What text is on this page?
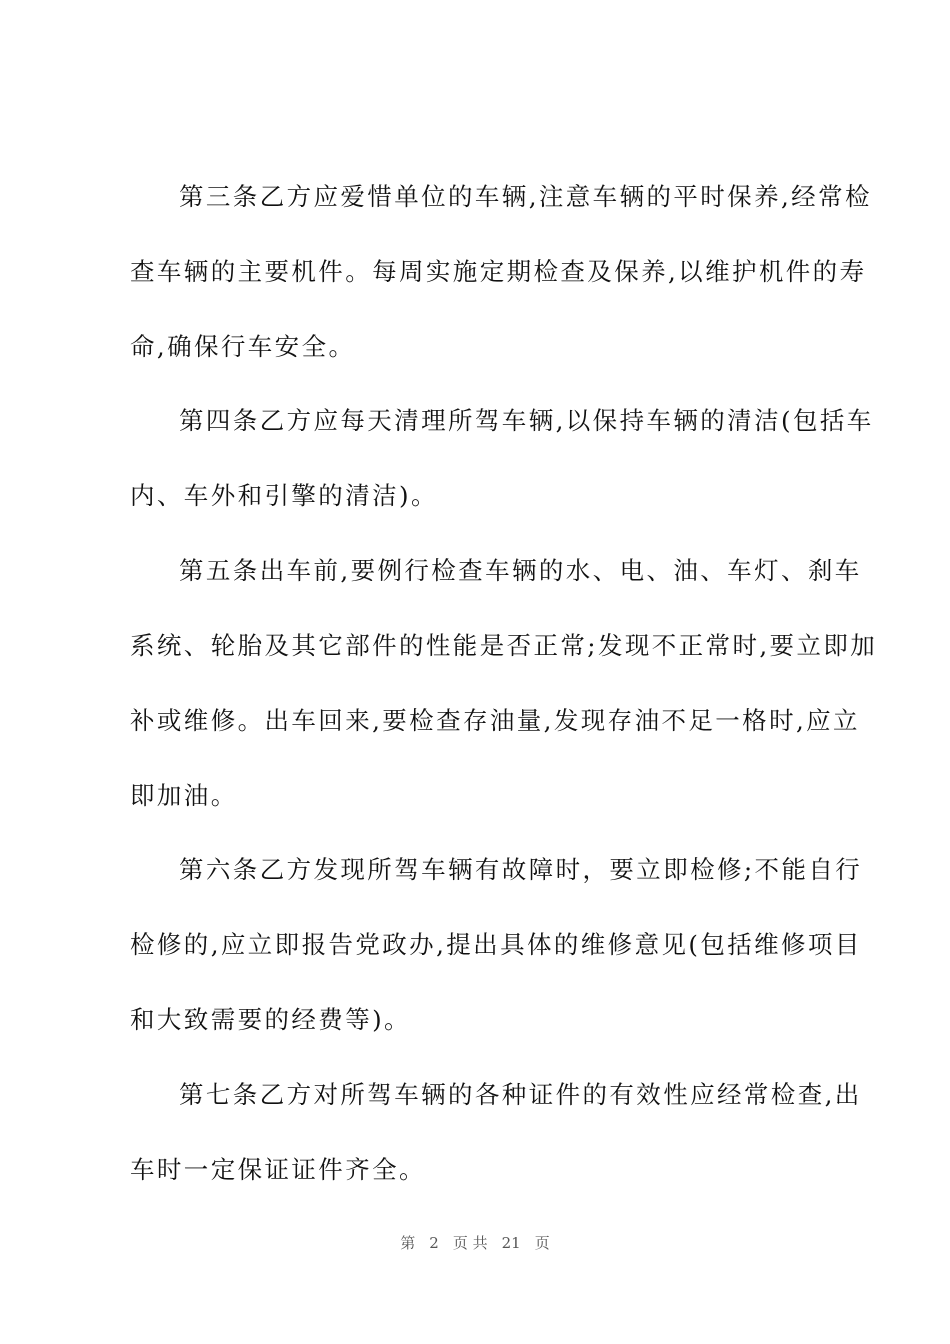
第三条乙方应爱惜单位的车辆,注意车辆的平时保养,经常检
查车辆的主要机件。每周实施定期检查及保养,以维护机件的寿
命,确保行车安全。
第四条乙方应每天清理所驾车辆,以保持车辆的清洁(包括车
内、车外和引擎的清洁)。
第五条出车前,要例行检查车辆的水、电、油、车灯、刹车
系统、轮胎及其它部件的性能是否正常;发现不正常时,要立即加
补或维修。出车回来,要检查存油量,发现存油不足一格时,应立
即加油。
第六条乙方发现所驾车辆有故障时，要立即检修;不能自行
检修的,应立即报告党政办,提出具体的维修意见(包括维修项目
和大致需要的经费等)。
第七条乙方对所驾车辆的各种证件的有效性应经常检查,出
车时一定保证证件齐全。
第 2 页 共 21 页
